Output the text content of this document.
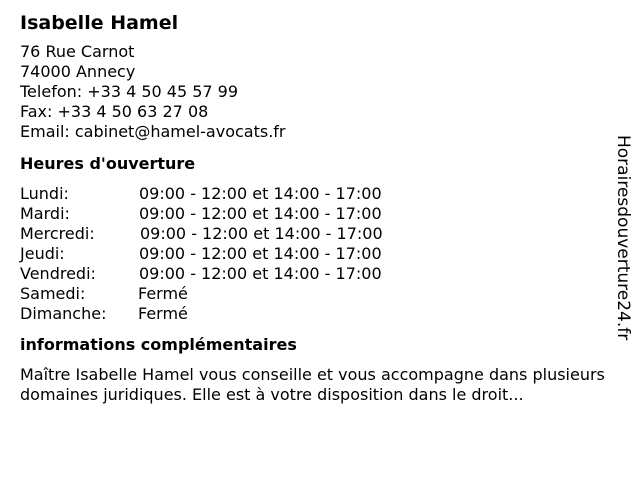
Isabelle Hamel
76 Rue Carnot
74000 Annecy
Telefon: +33 4 50 45 57 99
Fax: +33 4 50 63 27 08
Email: cabinet@hamel-avocats.fr
Heures d'ouverture
Lundi:	09:00 - 12:00 et 14:00 - 17:00
Mardi:	09:00 - 12:00 et 14:00 - 17:00
Mercredi:	09:00 - 12:00 et 14:00 - 17:00
Jeudi:	09:00 - 12:00 et 14:00 - 17:00
Vendredi:	09:00 - 12:00 et 14:00 - 17:00
Samedi:	Fermé
Dimanche: Fermé
informations complémentaires

Maître Isabelle Hamel vous conseille et vous accompagne dans plusieurs domaines juridiques. Elle est à votre disposition dans le droit...

Horairesdouverture24.fr
